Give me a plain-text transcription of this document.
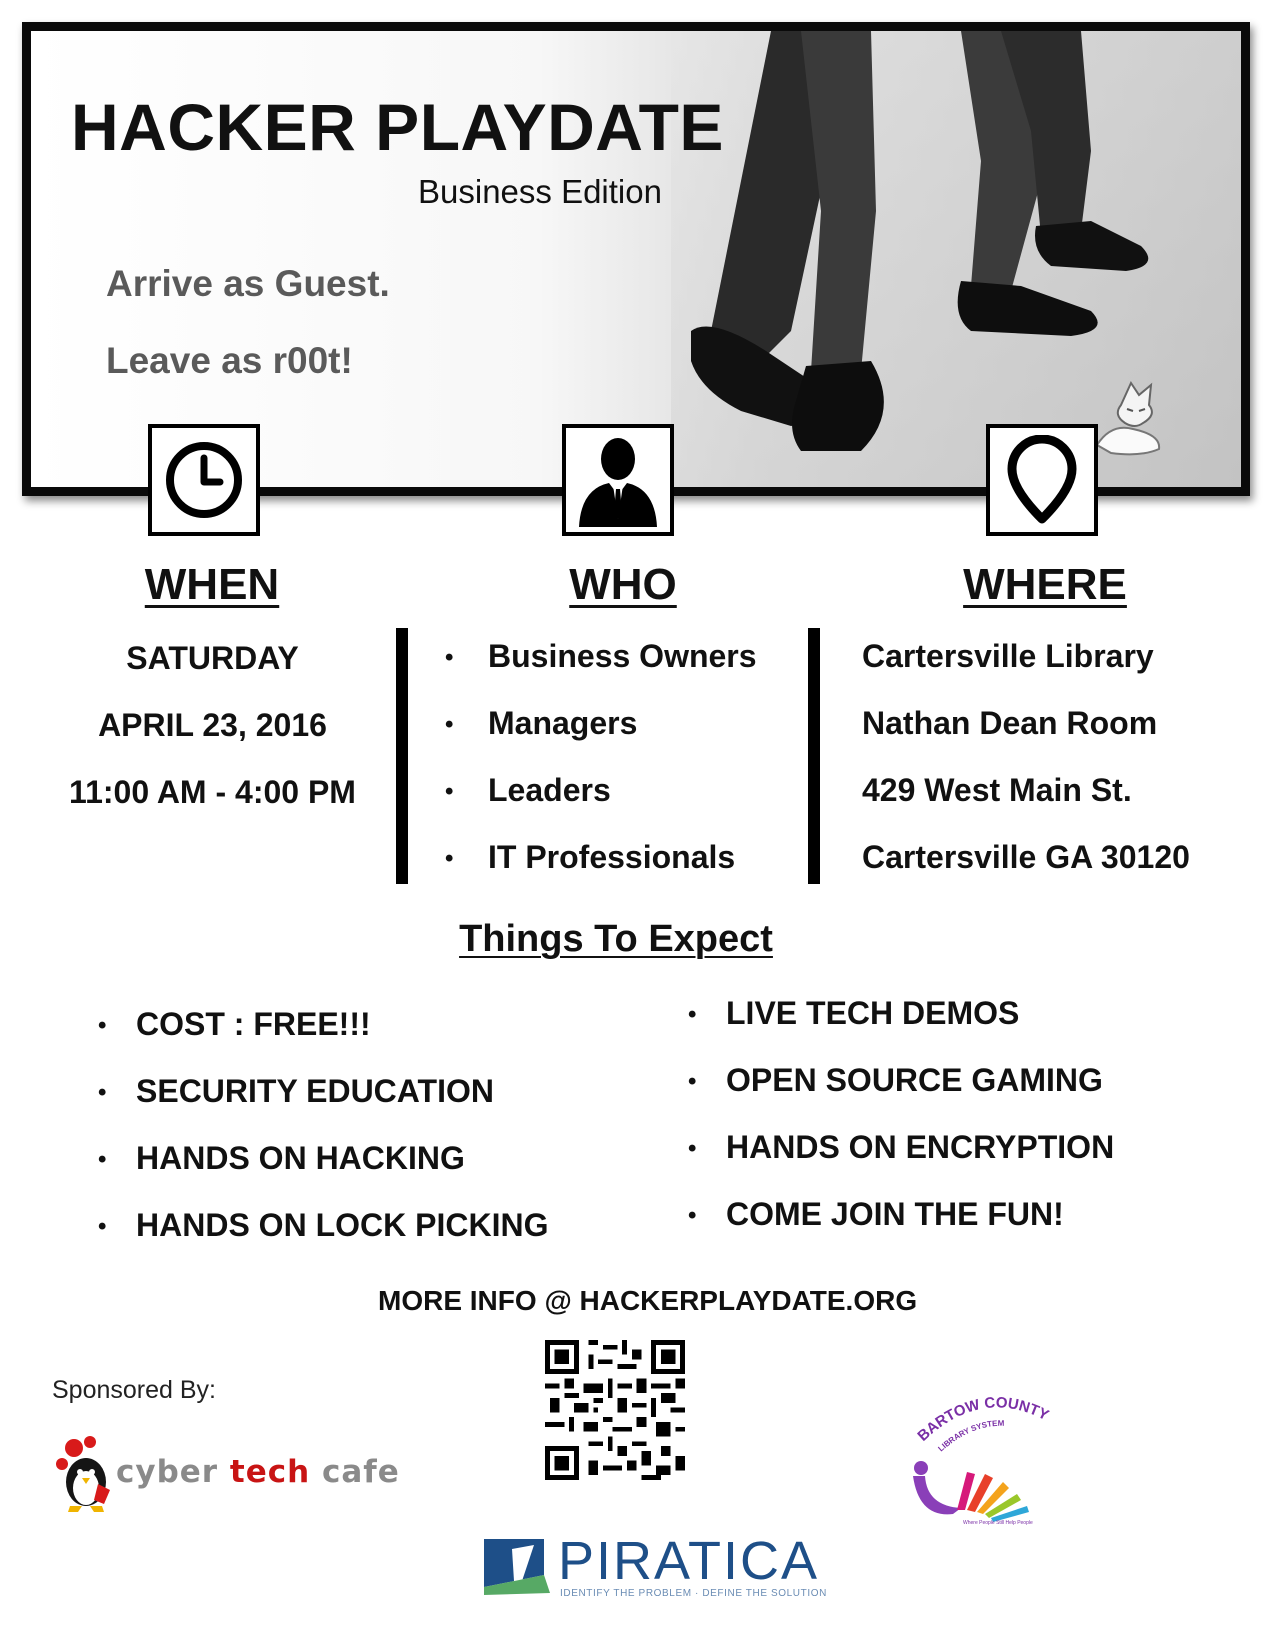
HACKER PLAYDATE
Business Edition
Arrive as Guest.
Leave as r00t!
WHEN	WHO	WHERE
SATURDAY
APRIL 23, 2016
11:00 AM - 4:00 PM
• Business Owners
• Managers
• Leaders
• IT Professionals
Cartersville Library
Nathan Dean Room
429 West Main St.
Cartersville GA 30120
Things To Expect
• COST : FREE!!!
• SECURITY EDUCATION
• HANDS ON HACKING
• HANDS ON LOCK PICKING
• LIVE TECH DEMOS
• OPEN SOURCE GAMING
• HANDS ON ENCRYPTION
• COME JOIN THE FUN!
MORE INFO @ HACKERPLAYDATE.ORG
Sponsored By:
cyber tech cafe
BARTOW COUNTY
LIBRARY SYSTEM
Where People Still Help People
PIRATICA
IDENTIFY THE PROBLEM · DEFINE THE SOLUTION
